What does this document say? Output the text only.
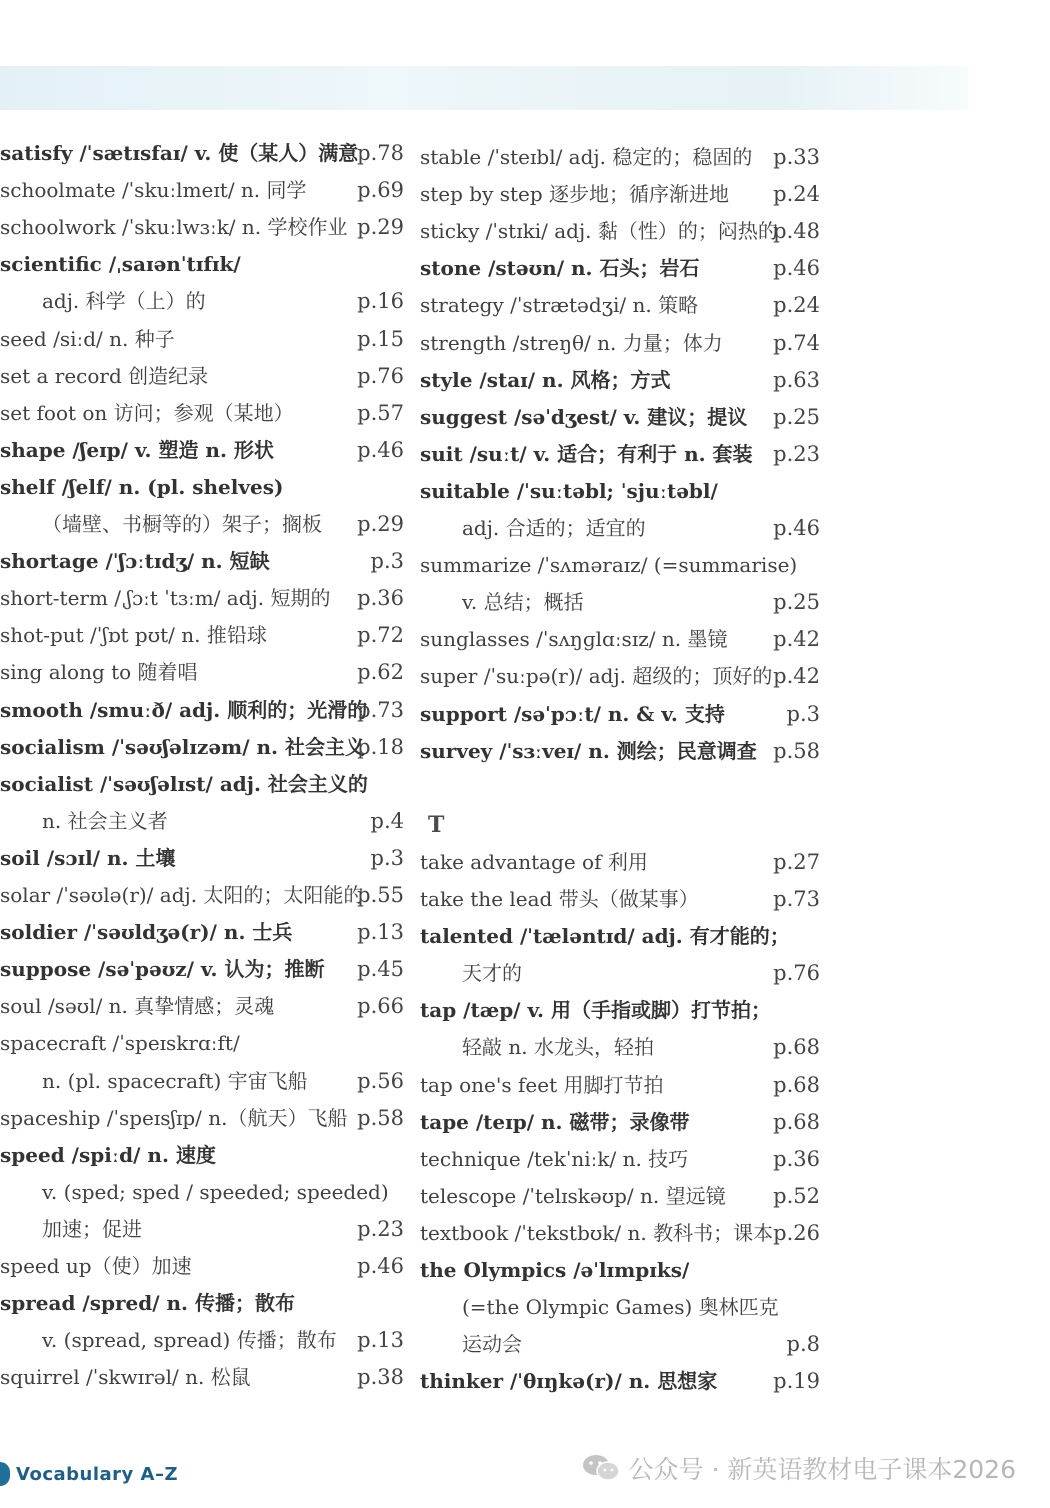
satisfy /ˈsætɪsfaɪ/ v. 使（某人）满意
p.78
schoolmate /ˈskuːlmeɪt/ n. 同学 p.69
schoolwork /ˈskuːlwɜːk/ n. 学校作业 p.29
scientific /ˌsaɪənˈtɪfɪk/
adj. 科学（上）的	p.16
seed /siːd/ n. 种子	p.15
set a record 创造纪录	p.76
set foot on 访问；参观（某地）	p.57
shape /ʃeɪp/ v. 塑造 n. 形状	p.46
shelf /ʃelf/ n. (pl. shelves)
（墙壁、书橱等的）架子；搁板 p.29
shortage /ˈʃɔːtɪdʒ/ n. 短缺	p.3
short-term /ˌʃɔːt ˈtɜːm/ adj. 短期的 p.36
shot-put /ˈʃɒt pʊt/ n. 推铅球	p.72
sing along to 随着唱	p.62
smooth /smuːð/ adj. 顺利的；光滑的
p.73
socialism /ˈsəʊʃəlɪzəm/ n. 社会主义
p.18
socialist /ˈsəʊʃəlɪst/ adj. 社会主义的
n. 社会主义者	p.4
soil /sɔɪl/ n. 土壤	p.3
solar /ˈsəʊlə(r)/ adj. 太阳的；太阳能的
p.55
soldier /ˈsəʊldʒə(r)/ n. 士兵	p.13
suppose /səˈpəʊz/ v. 认为；推断 p.45
soul /səʊl/ n. 真挚情感；灵魂	p.66
spacecraft /ˈspeɪskrɑːft/
n. (pl. spacecraft) 宇宙飞船 p.56
spaceship /ˈspeɪsʃɪp/ n.（航天）飞船 p.58
speed /spiːd/ n. 速度
v. (sped; sped / speeded; speeded)
加速；促进	p.23
speed up（使）加速	p.46
spread /spred/ n. 传播；散布
v. (spread, spread) 传播；散布 p.13
squirrel /ˈskwɪrəl/ n. 松鼠	p.38
stable /ˈsteɪbl/ adj. 稳定的；稳固的 p.33
step by step 逐步地；循序渐进地 p.24
sticky /ˈstɪki/ adj. 黏（性）的；闷热的
p.48
stone /stəʊn/ n. 石头；岩石	p.46
strategy /ˈstrætədʒi/ n. 策略	p.24
strength /streŋθ/ n. 力量；体力 p.74
style /staɪ/ n. 风格；方式	p.63
suggest /səˈdʒest/ v. 建议；提议 p.25
suit /suːt/ v. 适合；有利于 n. 套装 p.23
suitable /ˈsuːtəbl; ˈsjuːtəbl/
adj. 合适的；适宜的	p.46
summarize /ˈsʌməraɪz/ (=summarise)
v. 总结；概括	p.25
sunglasses /ˈsʌŋɡlɑːsɪz/ n. 墨镜 p.42
super /ˈsuːpə(r)/ adj. 超级的；顶好的 p.42
support /səˈpɔːt/ n. & v. 支持	p.3
survey /ˈsɜːveɪ/ n. 测绘；民意调查 p.58
T
take advantage of 利用	p.27
take the lead 带头（做某事）	p.73
talented /ˈtæləntɪd/ adj. 有才能的；
天才的	p.76
tap /tæp/ v. 用（手指或脚）打节拍；
轻敲 n. 水龙头，轻拍	p.68
tap one's feet 用脚打节拍	p.68
tape /teɪp/ n. 磁带；录像带	p.68
technique /tekˈniːk/ n. 技巧	p.36
telescope /ˈtelɪskəʊp/ n. 望远镜 p.52
textbook /ˈtekstbʊk/ n. 教科书；课本 p.26
the Olympics /əˈlɪmpɪks/
(=the Olympic Games) 奥林匹克
运动会	p.8
thinker /ˈθɪŋkə(r)/ n. 思想家	p.19
Vocabulary A–Z	公众号 · 新英语教材电子课本2026
